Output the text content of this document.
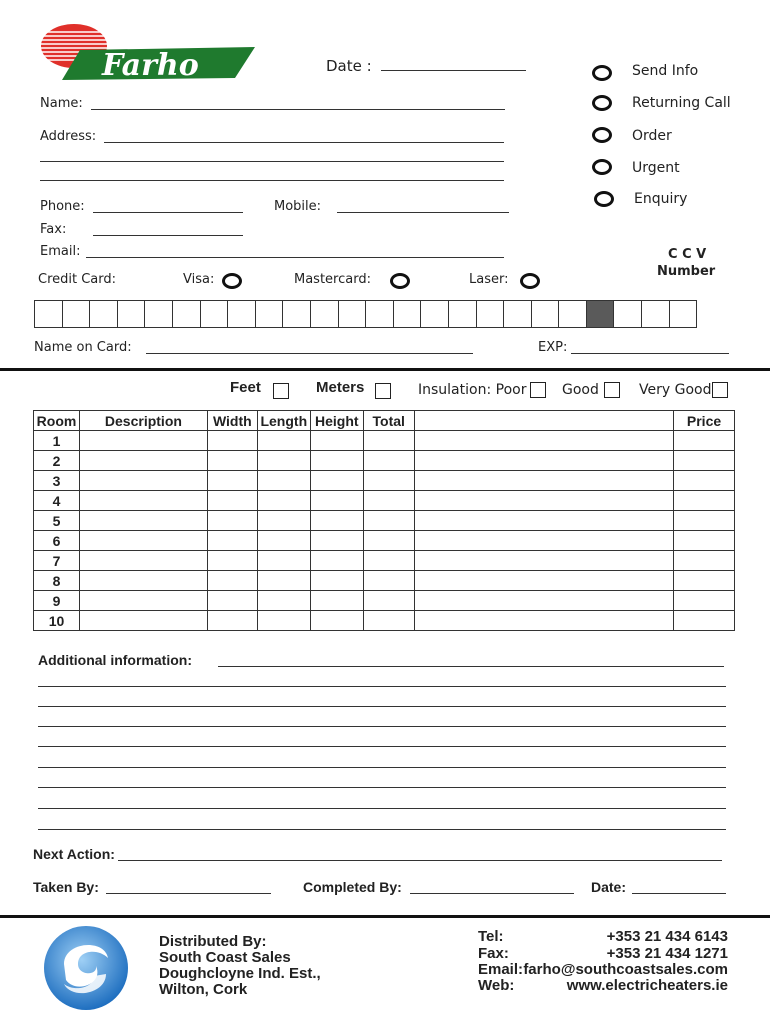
Farho	Date :
Name:
Address:
Phone:	Mobile:
Fax:
Email:
Send Info
Returning Call
Order
Urgent
Enquiry
Credit Card:	Visa:	Mastercard:	Laser:
C C V
Number
Name on Card:	EXP:
Feet	Meters	Insulation: Poor	Good	Very Good
Room	Description	Width	Length	Height	Total		Price
1							
2							
3							
4							
5							
6							
7							
8							
9							
10							
Additional information:
Next Action:
Taken By:	Completed By:	Date:
Distributed By:
South Coast Sales
Doughcloyne Ind. Est.,
Wilton, Cork
Tel:	+353 21 434 6143
Fax:	+353 21 434 1271
Email: farho@southcoastsales.com
Web:	www.electricheaters.ie
